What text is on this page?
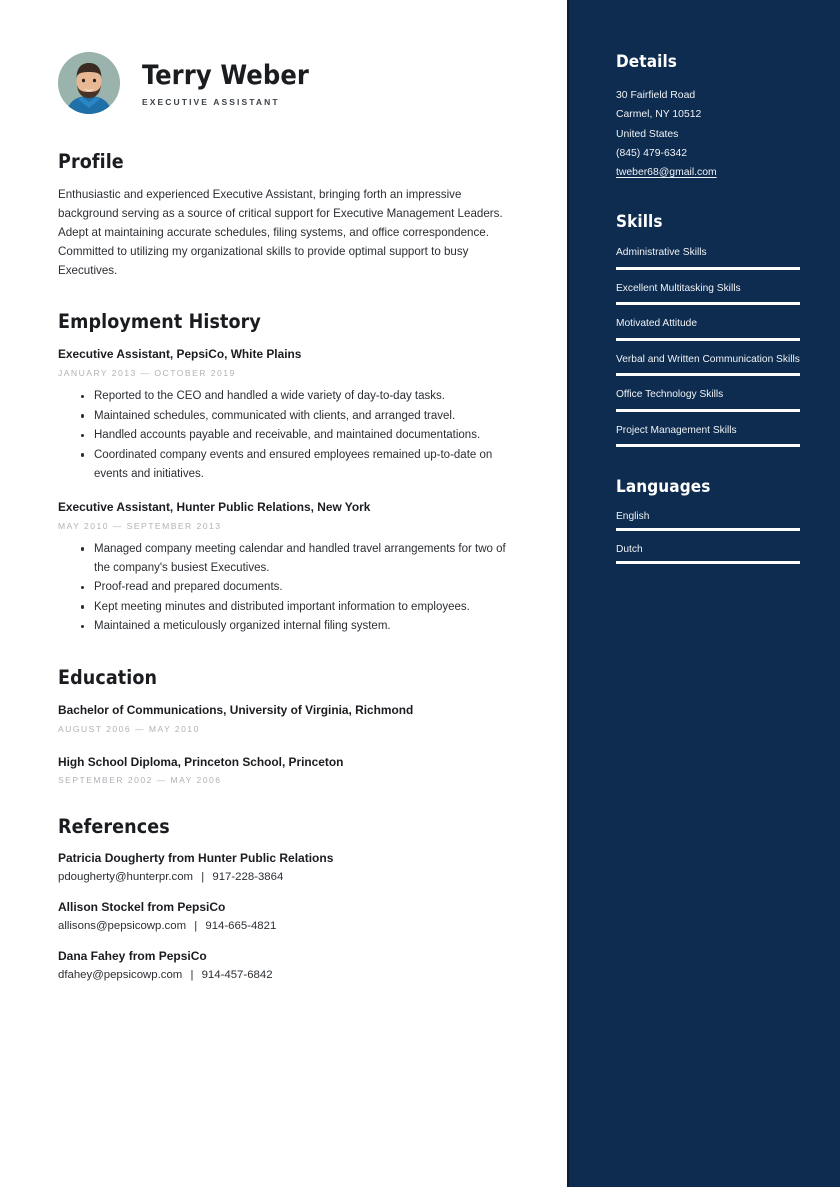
Terry Weber
EXECUTIVE ASSISTANT
Profile

Enthusiastic and experienced Executive Assistant, bringing forth an impressive background serving as a source of critical support for Executive Management Leaders. Adept at maintaining accurate schedules, filing systems, and office correspondence. Committed to utilizing my organizational skills to provide optimal support to busy Executives.

Employment History
Executive Assistant, PepsiCo, White Plains
JANUARY 2013 — OCTOBER 2019
Reported to the CEO and handled a wide variety of day-to-day tasks.
Maintained schedules, communicated with clients, and arranged travel.
Handled accounts payable and receivable, and maintained documentations.
Coordinated company events and ensured employees remained up-to-date on events and initiatives.
Executive Assistant, Hunter Public Relations, New York
MAY 2010 — SEPTEMBER 2013
Managed company meeting calendar and handled travel arrangements for two of the company's busiest Executives.
Proof-read and prepared documents.
Kept meeting minutes and distributed important information to employees.
Maintained a meticulously organized internal filing system.
Education
Bachelor of Communications, University of Virginia, Richmond
AUGUST 2006 — MAY 2010
High School Diploma, Princeton School, Princeton
SEPTEMBER 2002 — MAY 2006
References
Patricia Dougherty from Hunter Public Relations
pdougherty@hunterpr.com | 917-228-3864
Allison Stockel from PepsiCo
allisons@pepsicowp.com | 914-665-4821
Dana Fahey from PepsiCo
dfahey@pepsicowp.com | 914-457-6842
Details
30 Fairfield Road
Carmel, NY 10512
United States
(845) 479-6342
tweber68@gmail.com
Skills
Administrative Skills
Excellent Multitasking Skills
Motivated Attitude
Verbal and Written Communication Skills
Office Technology Skills
Project Management Skills
Languages
English
Dutch
